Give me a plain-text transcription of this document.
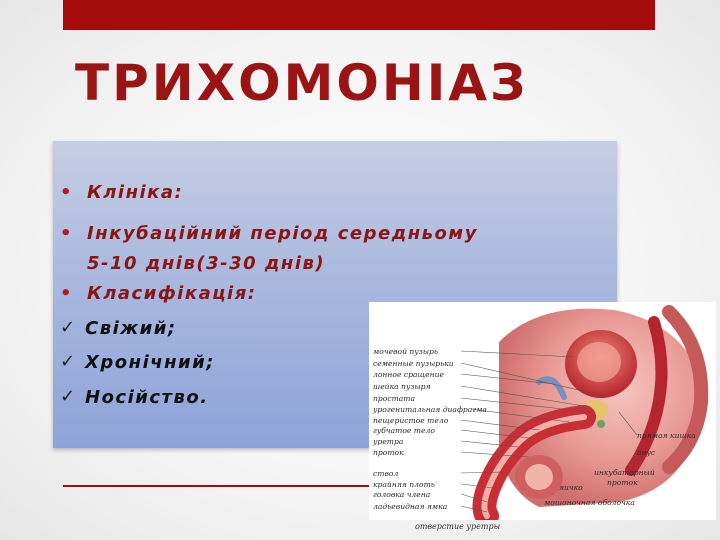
ТРИХОМОНІАЗ
• Клініка:
• Інкубаційний період середньому
5-10 днів(3-30 днів)
• Класифікація:
✓ Свіжий;
✓ Хронічний;
✓ Носійство.
мочевой пузырь
семенные пузырьки
лонное сращение
шейка пузыря
простата
урогенитальная диафрагма
пещеристое тело
губчатое тело
уретра
проток
ствол
крайняя плоть
головка члена
ладьевидная ямка
прямая кишка
анус
инкубаторный
проток
яичко
мошоночная оболочка

отверстие уретры
